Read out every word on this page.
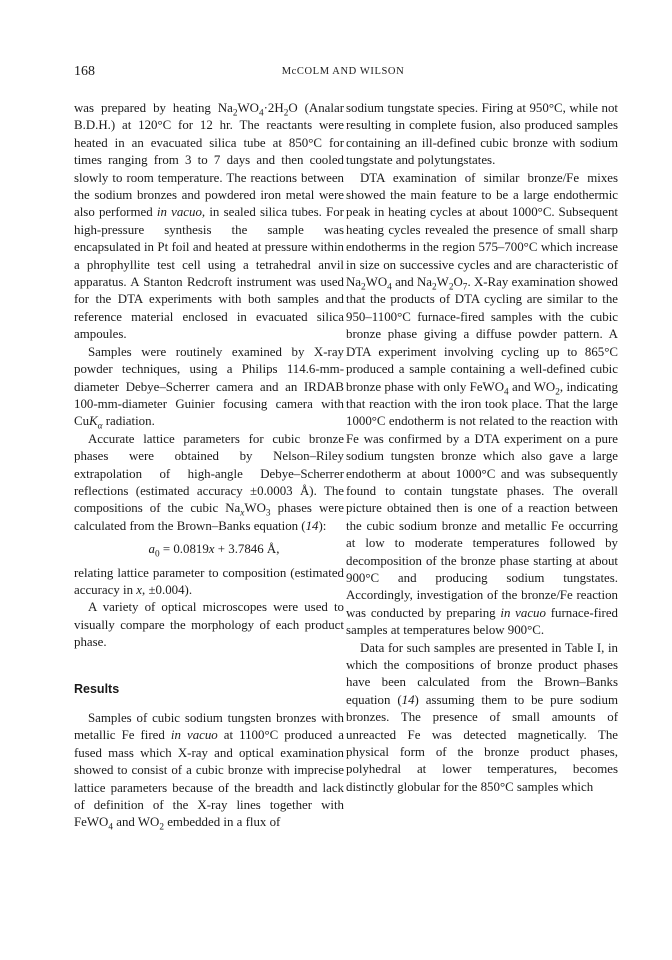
168	McCOLM AND WILSON

was prepared by heating $Na_2WO_4\cdot 2H_2O$ (Analar B.D.H.) at 120°C for 12 hr. The reactants were heated in an evacuated silica tube at 850°C for times ranging from 3 to 7 days and then cooled slowly to room temperature. The reactions between the sodium bronzes and powdered iron metal were also performed in vacuo, in sealed silica tubes. For high-pressure synthesis the sample was encapsulated in Pt foil and heated at pressure within a phrophyllite test cell using a tetrahedral anvil apparatus. A Stanton Redcroft instrument was used for the DTA experiments with both samples and reference material enclosed in evacuated silica ampoules.

Samples were routinely examined by X-ray powder techniques, using a Philips 114.6-mm-diameter Debye–Scherrer camera and an IRDAB 100-mm-diameter Guinier focusing camera with CuK$_\alpha$ radiation.

Accurate lattice parameters for cubic bronze phases were obtained by Nelson–Riley extrapolation of high-angle Debye–Scherrer reflections (estimated accuracy ±0.0003 Å). The compositions of the cubic $Na_xWO_3$ phases were calculated from the Brown–Banks equation (14):

$a_0 = 0.0819x + 3.7846$ Å,

relating lattice parameter to composition (estimated accuracy in x, ±0.004).

A variety of optical microscopes were used to visually compare the morphology of each product phase.

Results

Samples of cubic sodium tungsten bronzes with metallic Fe fired in vacuo at 1100°C produced a fused mass which X-ray and optical examination showed to consist of a cubic bronze with imprecise lattice parameters because of the breadth and lack of definition of the X-ray lines together with FeWO$_4$ and $WO_2$ embedded in a flux of

sodium tungstate species. Firing at 950°C, while not resulting in complete fusion, also produced samples containing an ill-defined cubic bronze with sodium tungstate and polytungstates.

DTA examination of similar bronze/Fe mixes showed the main feature to be a large endothermic peak in heating cycles at about 1000°C. Subsequent heating cycles revealed the presence of small sharp endotherms in the region 575–700°C which increase in size on successive cycles and are characteristic of $Na_2WO_4$ and $Na_2W_2O_7$. X-Ray examination showed that the products of DTA cycling are similar to the 950–1100°C furnace-fired samples with the cubic bronze phase giving a diffuse powder pattern. A DTA experiment involving cycling up to 865°C produced a sample containing a well-defined cubic bronze phase with only FeWO$_4$ and $WO_2$, indicating that reaction with the iron took place. That the large 1000°C endotherm is not related to the reaction with Fe was confirmed by a DTA experiment on a pure sodium tungsten bronze which also gave a large endotherm at about 1000°C and was subsequently found to contain tungstate phases. The overall picture obtained then is one of a reaction between the cubic sodium bronze and metallic Fe occurring at low to moderate temperatures followed by decomposition of the bronze phase starting at about 900°C and producing sodium tungstates. Accordingly, investigation of the bronze/Fe reaction was conducted by preparing in vacuo furnace-fired samples at temperatures below 900°C.

Data for such samples are presented in Table I, in which the compositions of bronze product phases have been calculated from the Brown–Banks equation (14) assuming them to be pure sodium bronzes. The presence of small amounts of unreacted Fe was detected magnetically. The physical form of the bronze product phases, polyhedral at lower temperatures, becomes distinctly globular for the 850°C samples which
